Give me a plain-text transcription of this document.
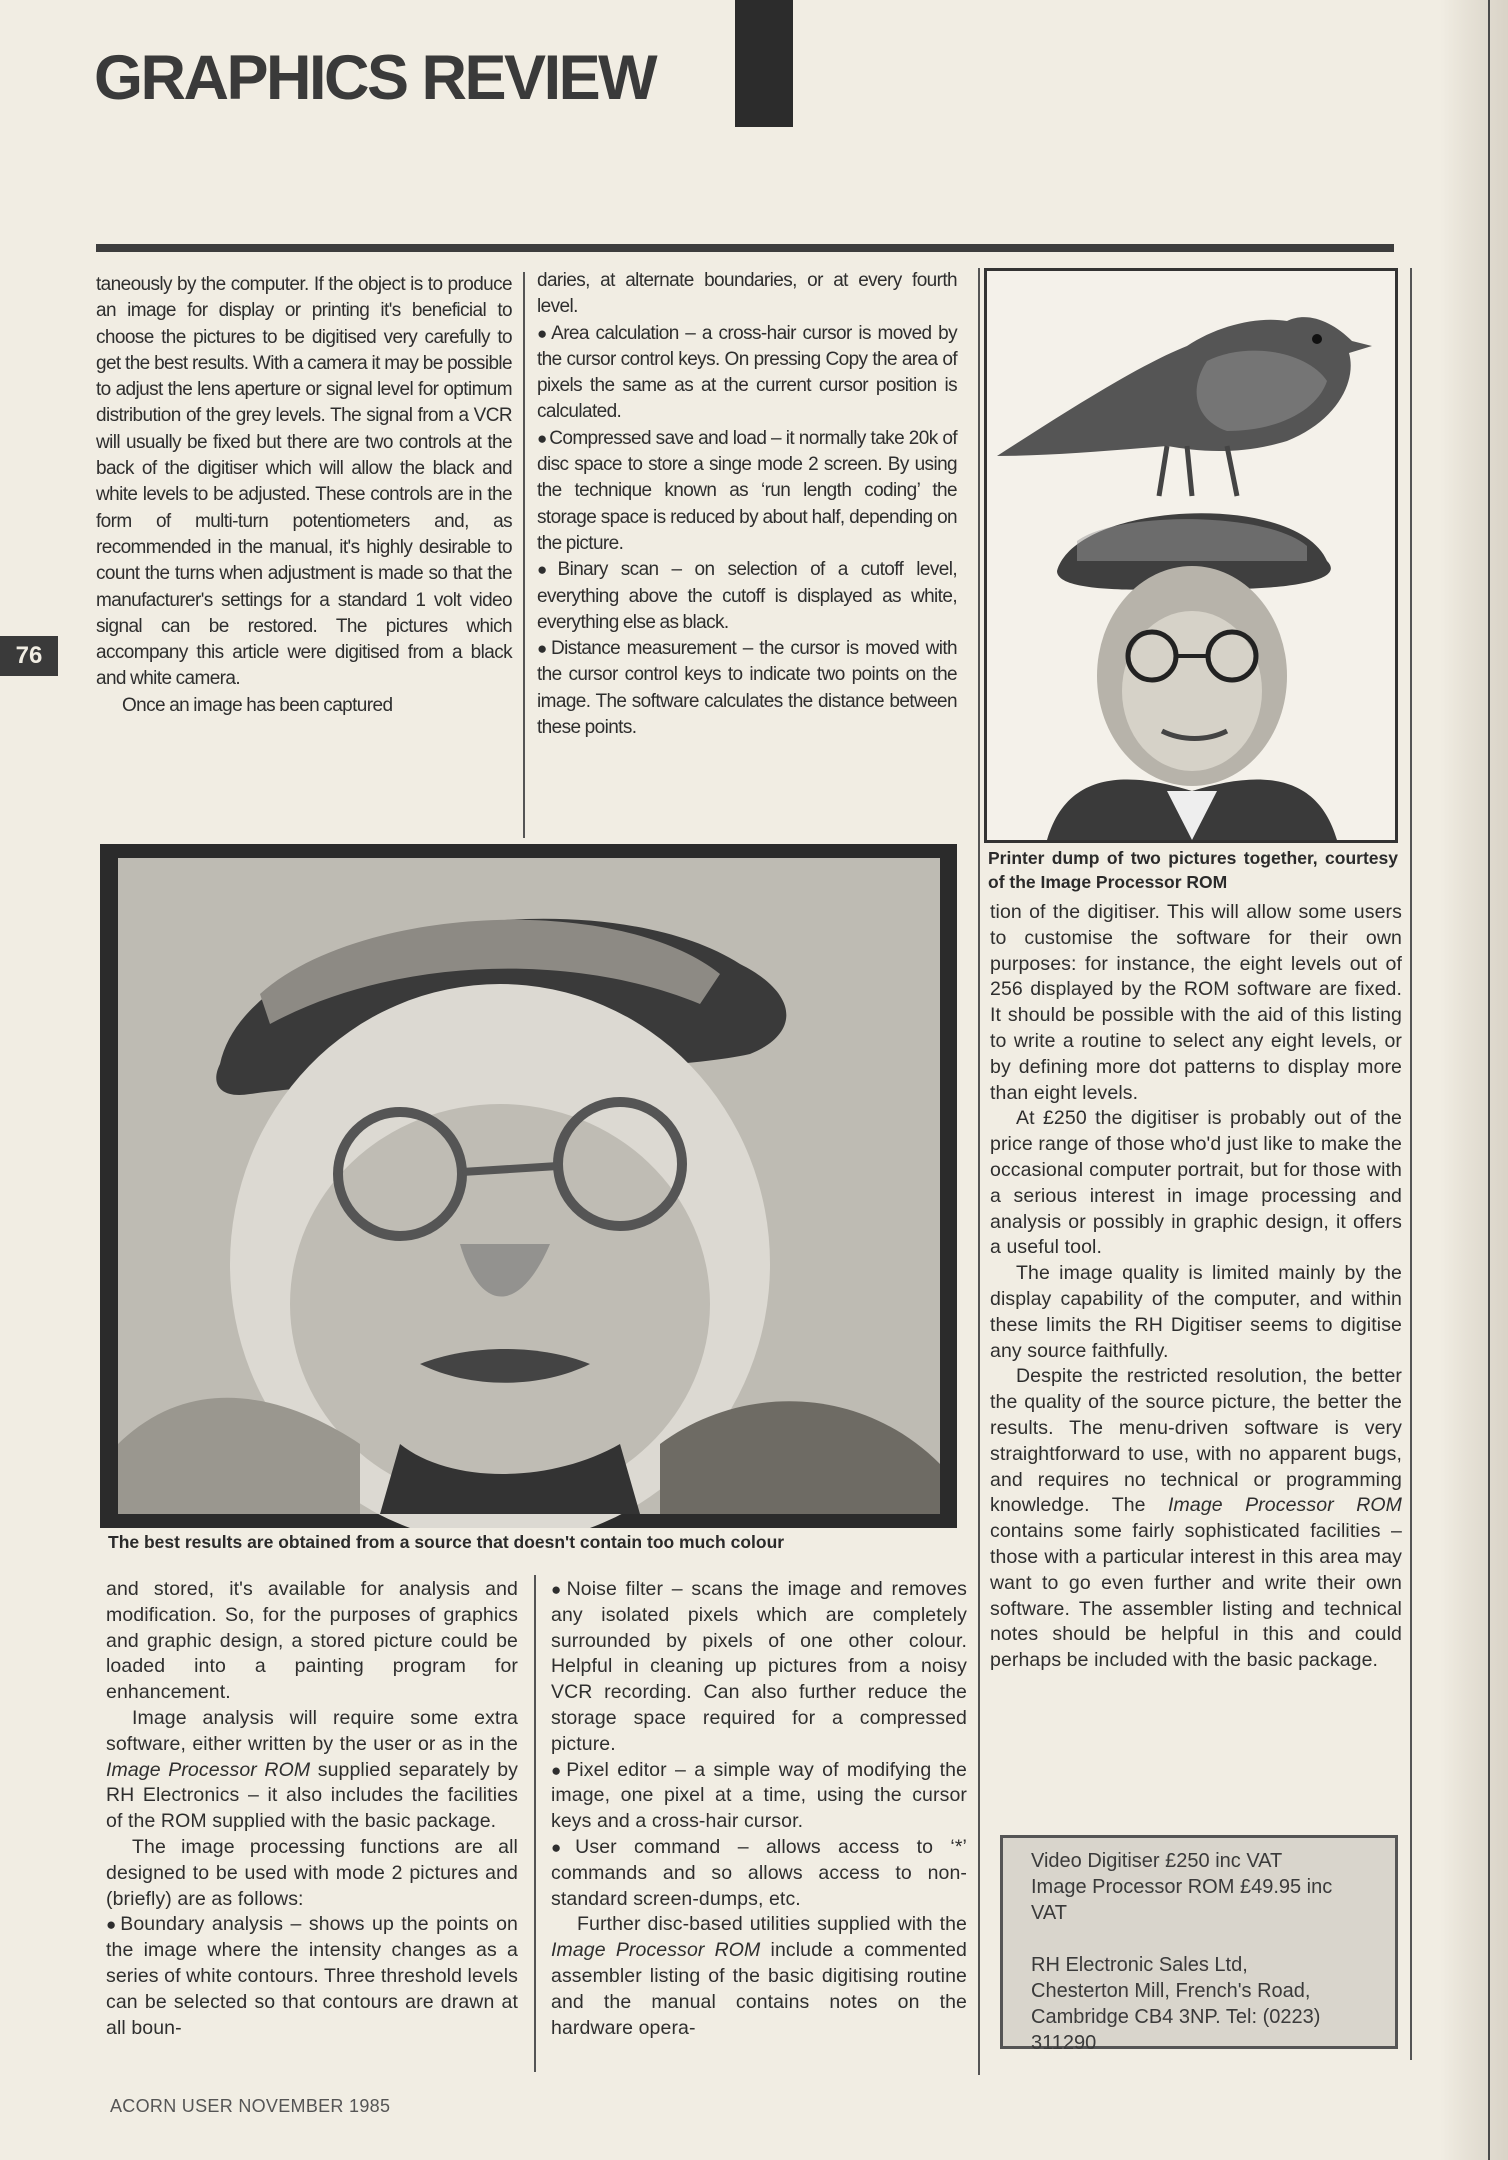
GRAPHICS REVIEW
76

taneously by the computer. If the object is to produce an image for display or printing it's beneficial to choose the pictures to be digitised very carefully to get the best results. With a camera it may be possible to adjust the lens aperture or signal level for optimum distribution of the grey levels. The signal from a VCR will usually be fixed but there are two controls at the back of the digitiser which will allow the black and white levels to be adjusted. These controls are in the form of multi-turn potentiometers and, as recommended in the manual, it's highly desirable to count the turns when adjustment is made so that the manufacturer's settings for a standard 1 volt video signal can be restored. The pictures which accompany this article were digitised from a black and white camera.

Once an image has been captured

daries, at alternate boundaries, or at every fourth level.

● Area calculation – a cross-hair cursor is moved by the cursor control keys. On pressing Copy the area of pixels the same as at the current cursor position is calculated.

● Compressed save and load – it normally take 20k of disc space to store a singe mode 2 screen. By using the technique known as ‘run length coding’ the storage space is reduced by about half, depending on the picture.

● Binary scan – on selection of a cutoff level, everything above the cutoff is displayed as white, everything else as black.

● Distance measurement – the cursor is moved with the cursor control keys to indicate two points on the image. The software calculates the distance between these points.

Printer dump of two pictures together, courtesy of the Image Processor ROM

tion of the digitiser. This will allow some users to customise the software for their own purposes: for instance, the eight levels out of 256 displayed by the ROM software are fixed. It should be possible with the aid of this listing to write a routine to select any eight levels, or by defining more dot patterns to display more than eight levels.

At £250 the digitiser is probably out of the price range of those who'd just like to make the occasional computer portrait, but for those with a serious interest in image processing and analysis or possibly in graphic design, it offers a useful tool.

The image quality is limited mainly by the display capability of the computer, and within these limits the RH Digitiser seems to digitise any source faithfully.

Despite the restricted resolution, the better the quality of the source picture, the better the results. The menu-driven software is very straightforward to use, with no apparent bugs, and requires no technical or programming knowledge. The Image Processor ROM contains some fairly sophisticated facilities – those with a particular interest in this area may want to go even further and write their own software. The assembler listing and technical notes should be helpful in this and could perhaps be included with the basic package.

Video Digitiser £250 inc VAT
Image Processor ROM £49.95 inc
VAT
RH Electronic Sales Ltd,
Chesterton Mill, French's Road,
Cambridge CB4 3NP. Tel: (0223)
311290
The best results are obtained from a source that doesn't contain too much colour

and stored, it's available for analysis and modification. So, for the purposes of graphics and graphic design, a stored picture could be loaded into a painting program for enhancement.

Image analysis will require some extra software, either written by the user or as in the Image Processor ROM supplied separately by RH Electronics – it also includes the facilities of the ROM supplied with the basic package.

The image processing functions are all designed to be used with mode 2 pictures and (briefly) are as follows:

● Boundary analysis – shows up the points on the image where the intensity changes as a series of white contours. Three threshold levels can be selected so that contours are drawn at all boun-

● Noise filter – scans the image and removes any isolated pixels which are completely surrounded by pixels of one other colour. Helpful in cleaning up pictures from a noisy VCR recording. Can also further reduce the storage space required for a compressed picture.

● Pixel editor – a simple way of modifying the image, one pixel at a time, using the cursor keys and a cross-hair cursor.

● User command – allows access to ‘*’ commands and so allows access to non-standard screen-dumps, etc.

Further disc-based utilities supplied with the Image Processor ROM include a commented assembler listing of the basic digitising routine and the manual contains notes on the hardware opera-

ACORN USER NOVEMBER 1985
